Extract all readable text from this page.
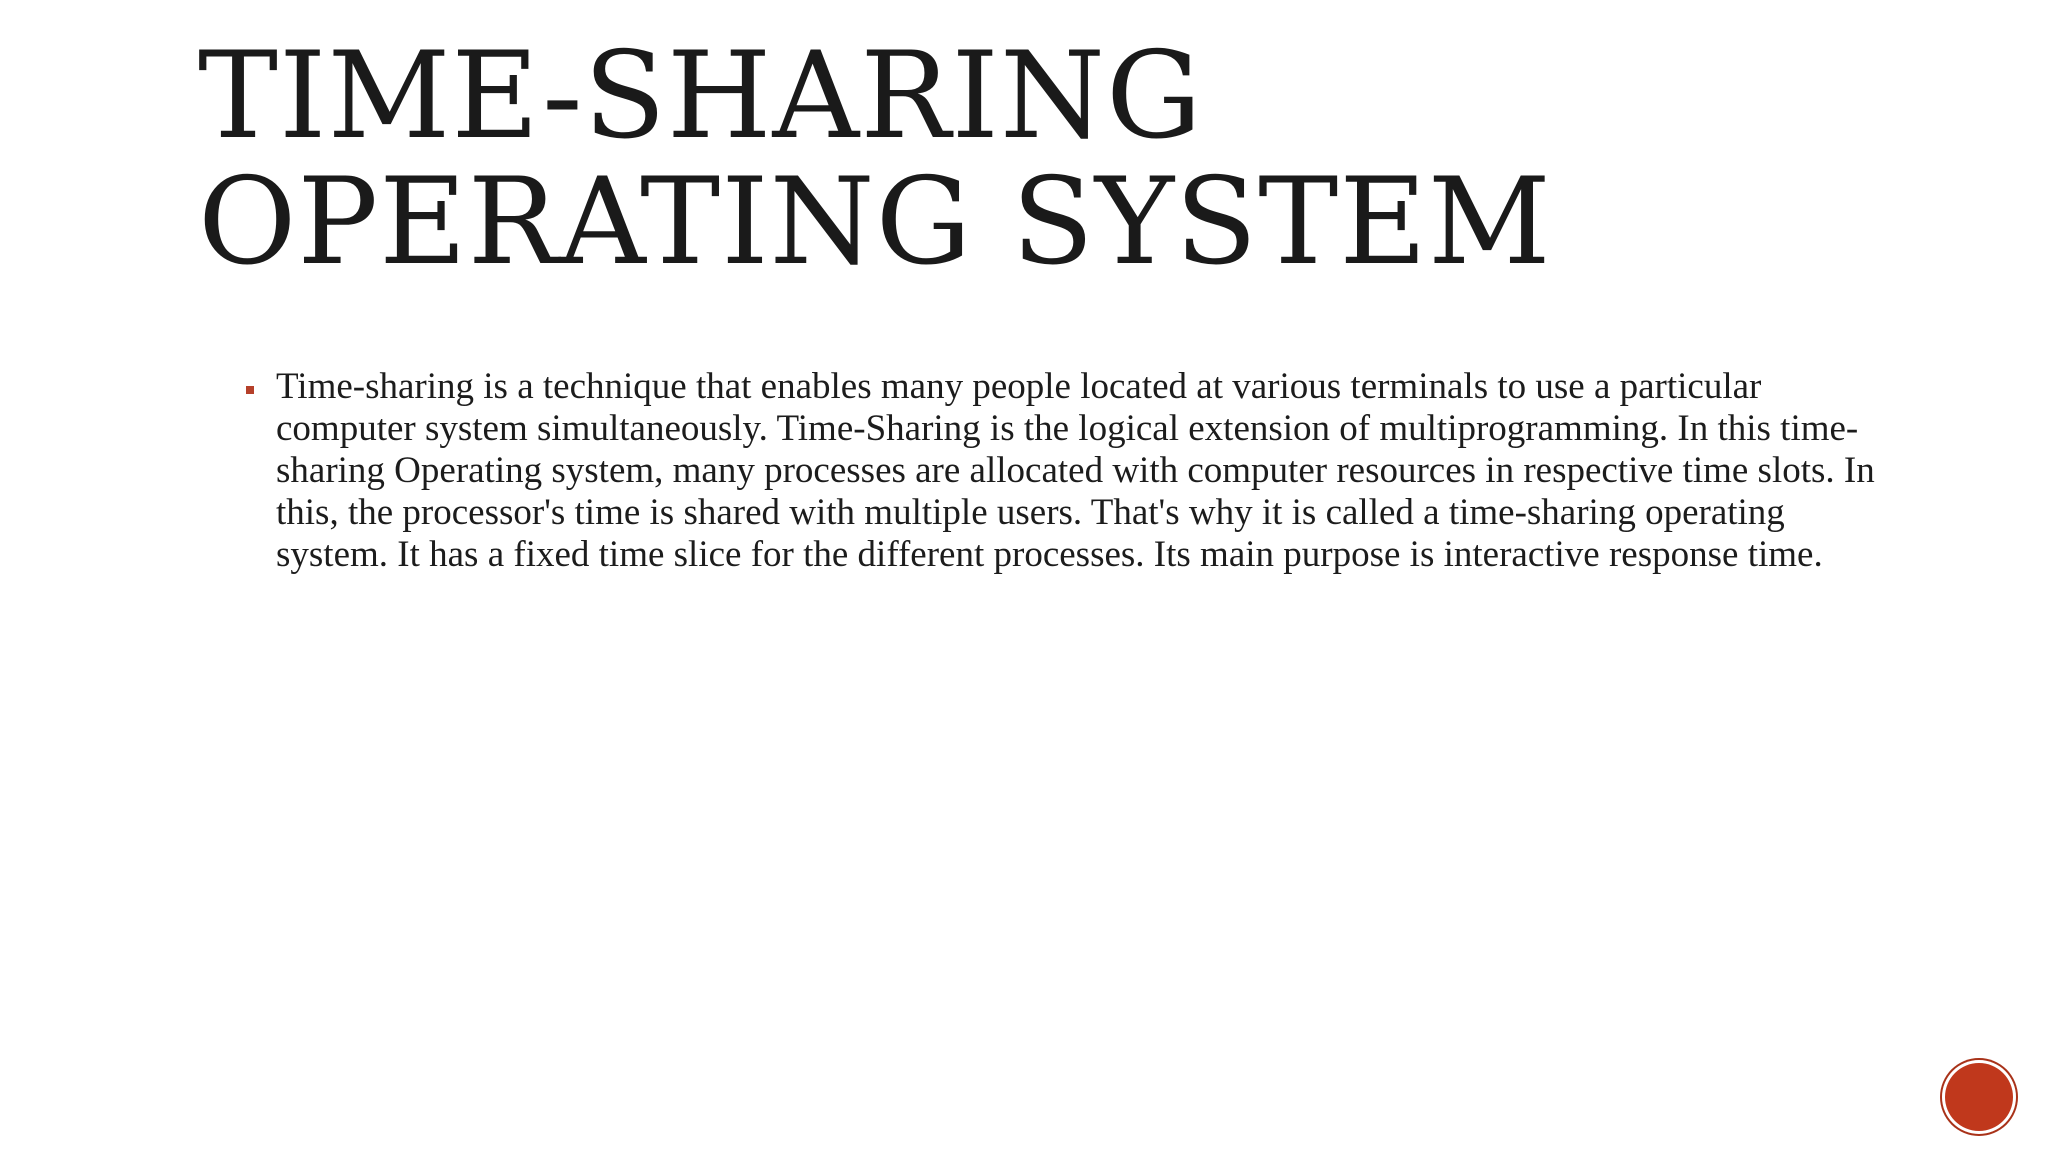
TIME-SHARING
OPERATING SYSTEM

Time-sharing is a technique that enables many people located at various terminals to use a particular computer system simultaneously. Time-Sharing is the logical extension of multiprogramming. In this time-sharing Operating system, many processes are allocated with computer resources in respective time slots. In this, the processor's time is shared with multiple users. That's why it is called a time-sharing operating system. It has a fixed time slice for the different processes. Its main purpose is interactive response time.
